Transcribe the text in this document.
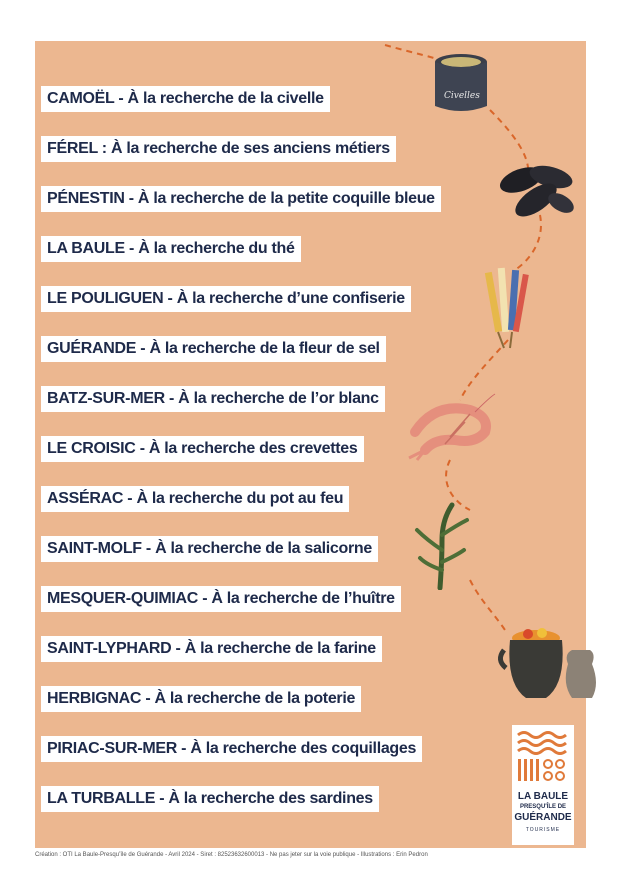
CAMOËL - À la recherche de la civelle
FÉREL : À la recherche de ses anciens métiers
PÉNESTIN - À la recherche de la petite coquille bleue
LA BAULE - À la recherche du thé
LE POULIGUEN - À la recherche d’une confiserie
GUÉRANDE - À la recherche de la fleur de sel
BATZ-SUR-MER - À la recherche de l’or blanc
LE CROISIC - À la recherche des crevettes
ASSÉRAC - À la recherche du pot au feu
SAINT-MOLF - À la recherche de la salicorne
MESQUER-QUIMIAC - À la recherche de l’huître
SAINT-LYPHARD - À la recherche de la farine
HERBIGNAC - À la recherche de la poterie
PIRIAC-SUR-MER - À la recherche des coquillages
LA TURBALLE - À la recherche des sardines
Civelles
LA BAULE
PRESQU'ÎLE DE
GUÉRANDE
TOURISME
Création : OTI La Baule-Presqu’île de Guérande - Avril 2024 - Siret : 82523632600013 - Ne pas jeter sur la voie publique - Illustrations : Erin Pedron
